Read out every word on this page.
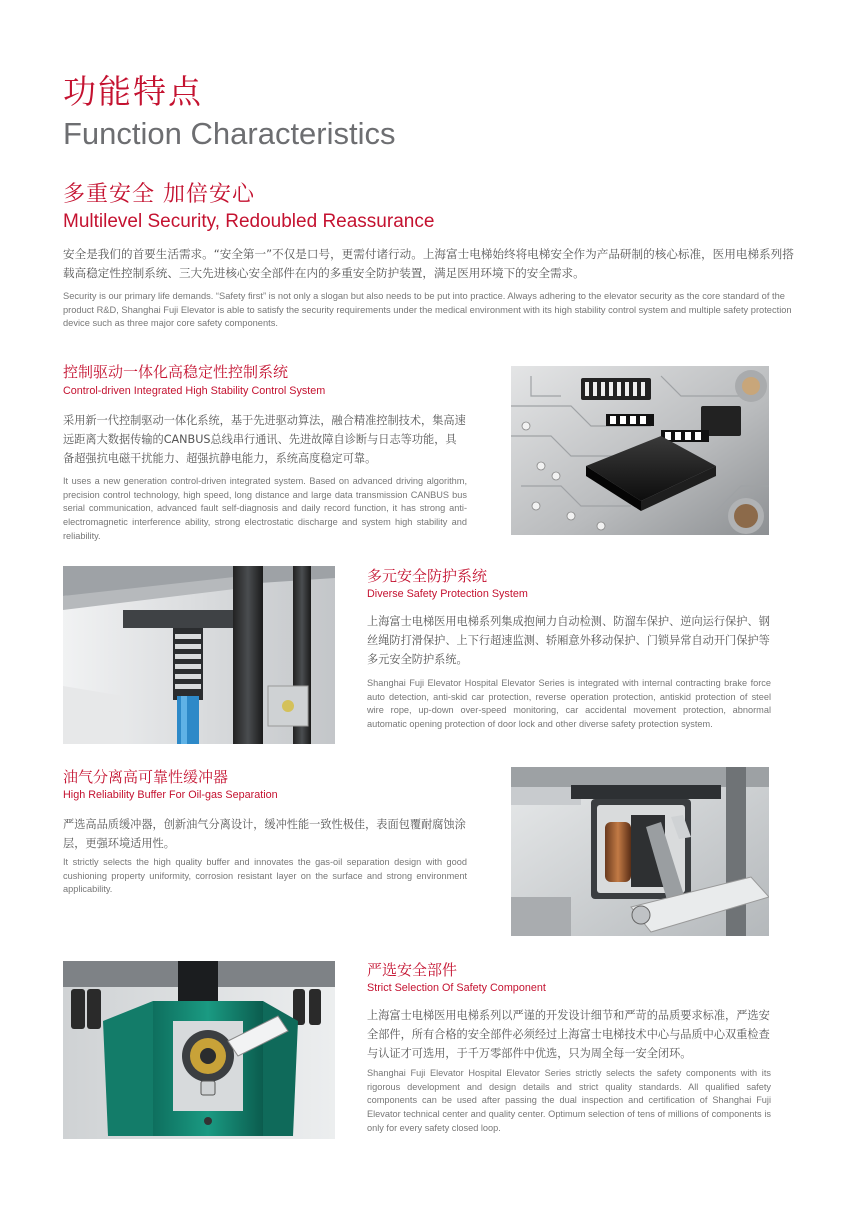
功能特点
Function Characteristics
多重安全 加倍安心
Multilevel Security, Redoubled Reassurance
安全是我们的首要生活需求。“安全第一”不仅是口号，更需付诸行动。上海富士电梯始终将电梯安全作为产品研制的核心标准，医用电梯系列搭载高稳定性控制系统、三大先进核心安全部件在内的多重安全防护装置，满足医用环境下的安全需求。
Security is our primary life demands. “Safety first” is not only a slogan but also needs to be put into practice. Always adhering to the elevator security as the core standard of the product R&D, Shanghai Fuji Elevator is able to satisfy the security requirements under the medical environment with its high stability control system and multiple safety protection device such as three major core safety components.
控制驱动一体化高稳定性控制系统
Control-driven Integrated High Stability Control System
采用新一代控制驱动一体化系统，基于先进驱动算法，融合精准控制技术，集高速远距离大数据传输的CANBUS总线串行通讯、先进故障自诊断与日志等功能，具备超强抗电磁干扰能力、超强抗静电能力，系统高度稳定可靠。
It uses a new generation control-driven integrated system. Based on advanced driving algorithm, precision control technology, high speed, long distance and large data transmission CANBUS bus serial communication, advanced fault self-diagnosis and daily record function, it has strong anti-electromagnetic interference ability, strong electrostatic discharge and system high stability and reliability.
多元安全防护系统
Diverse Safety Protection System
上海富士电梯医用电梯系列集成抱闸力自动检测、防溜车保护、逆向运行保护、钢丝绳防打滑保护、上下行超速监测、轿厢意外移动保护、门锁异常自动开门保护等多元安全防护系统。
Shanghai Fuji Elevator Hospital Elevator Series is integrated with internal contracting brake force auto detection, anti-skid car protection, reverse operation protection, antiskid protection of steel wire rope, up-down over-speed monitoring, car accidental movement protection, abnormal automatic opening protection of door lock and other diverse safety protection system.
油气分离高可靠性缓冲器
High Reliability Buffer For Oil-gas Separation
严选高品质缓冲器，创新油气分离设计，缓冲性能一致性极佳，表面包覆耐腐蚀涂层，更强环境适用性。
It strictly selects the high quality buffer and innovates the gas-oil separation design with good cushioning property uniformity, corrosion resistant layer on the surface and strong environment applicability.
严选安全部件
Strict Selection Of Safety Component
上海富士电梯医用电梯系列以严谨的开发设计细节和严苛的品质要求标准，严选安全部件，所有合格的安全部件必须经过上海富士电梯技术中心与品质中心双重检查与认证才可选用，于千万零部件中优选，只为周全每一安全闭环。
Shanghai Fuji Elevator Hospital Elevator Series strictly selects the safety components with its rigorous development and design details and strict quality standards. All qualified safety components can be used after passing the dual inspection and certification of Shanghai Fuji Elevator technical center and quality center. Optimum selection of tens of millions of components is only for every safety closed loop.
